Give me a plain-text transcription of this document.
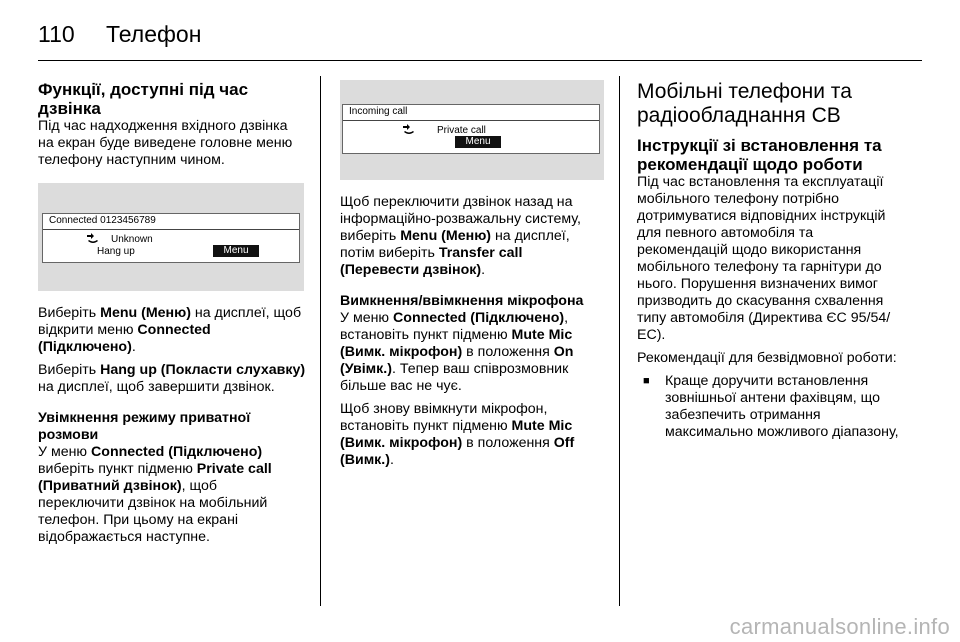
110	Телефон
Функції, доступні під час дзвінка

Під час надходження вхідного дзвінка на екран буде виведене головне меню телефону наступним чином.

Connected 0123456789
Unknown
Hang up	Menu

Виберіть Menu (Меню) на дисплеї, щоб відкрити меню Connected (Підключено).

Виберіть Hang up (Покласти слухавку) на дисплеї, щоб завершити дзвінок.

Увімкнення режиму приватної розмови

У меню Connected (Підключено) виберіть пункт підменю Private call (Приватний дзвінок), щоб переключити дзвінок на мобільний телефон. При цьому на екрані відображається наступне.

Incoming call
Private call
Menu

Щоб переключити дзвінок назад на інформаційно-розважальну систему, виберіть Menu (Меню) на дисплеї, потім виберіть Transfer call (Перевести дзвінок).

Вимкнення/ввімкнення мікрофона

У меню Connected (Підключено), встановіть пункт підменю Mute Mic (Вимк. мікрофон) в положення On (Увімк.). Тепер ваш співрозмовник більше вас не чує.

Щоб знову ввімкнути мікрофон, встановіть пункт підменю Mute Mic (Вимк. мікрофон) в положення Off (Вимк.).

Мобільні телефони та радіообладнання CB
Інструкції зі встановлення та рекомендації щодо роботи

Під час встановлення та експлуатації мобільного телефону потрібно дотримуватися відповідних інструкцій для певного автомобіля та рекомендацій щодо використання мобільного телефону та гарнітури до нього. Порушення визначених вимог призводить до скасування схвалення типу автомобіля (Директива ЄС 95/54/ЕС).

Рекомендації для безвідмовної роботи:

■ Краще доручити встановлення зовнішньої антени фахівцям, що забезпечить отримання максимально можливого діапазону,
carmanualsonline.info
